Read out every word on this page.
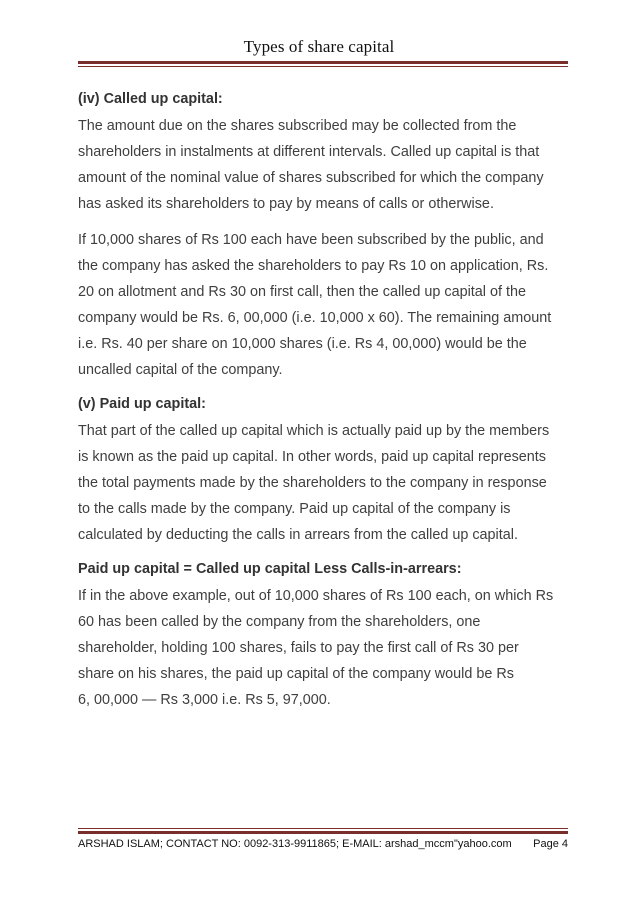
Types of share capital
(iv) Called up capital:
The amount due on the shares subscribed may be collected from the
shareholders in instalments at different intervals. Called up capital is that
amount of the nominal value of shares subscribed for which the company
has asked its shareholders to pay by means of calls or otherwise.
If 10,000 shares of Rs 100 each have been subscribed by the public, and
the company has asked the shareholders to pay Rs 10 on application, Rs.
20 on allotment and Rs 30 on first call, then the called up capital of the
company would be Rs. 6, 00,000 (i.e. 10,000 x 60). The remaining amount
i.e. Rs. 40 per share on 10,000 shares (i.e. Rs 4, 00,000) would be the
uncalled capital of the company.
(v) Paid up capital:
That part of the called up capital which is actually paid up by the members
is known as the paid up capital. In other words, paid up capital represents
the total payments made by the shareholders to the company in response
to the calls made by the company. Paid up capital of the company is
calculated by deducting the calls in arrears from the called up capital.
Paid up capital = Called up capital Less Calls-in-arrears:
If in the above example, out of 10,000 shares of Rs 100 each, on which Rs
60 has been called by the company from the shareholders, one
shareholder, holding 100 shares, fails to pay the first call of Rs 30 per
share on his shares, the paid up capital of the company would be Rs
6, 00,000 — Rs 3,000 i.e. Rs 5, 97,000.
ARSHAD ISLAM; CONTACT NO: 0092-313-9911865; E-MAIL: arshad_mccm"yahoo.com Page 4
